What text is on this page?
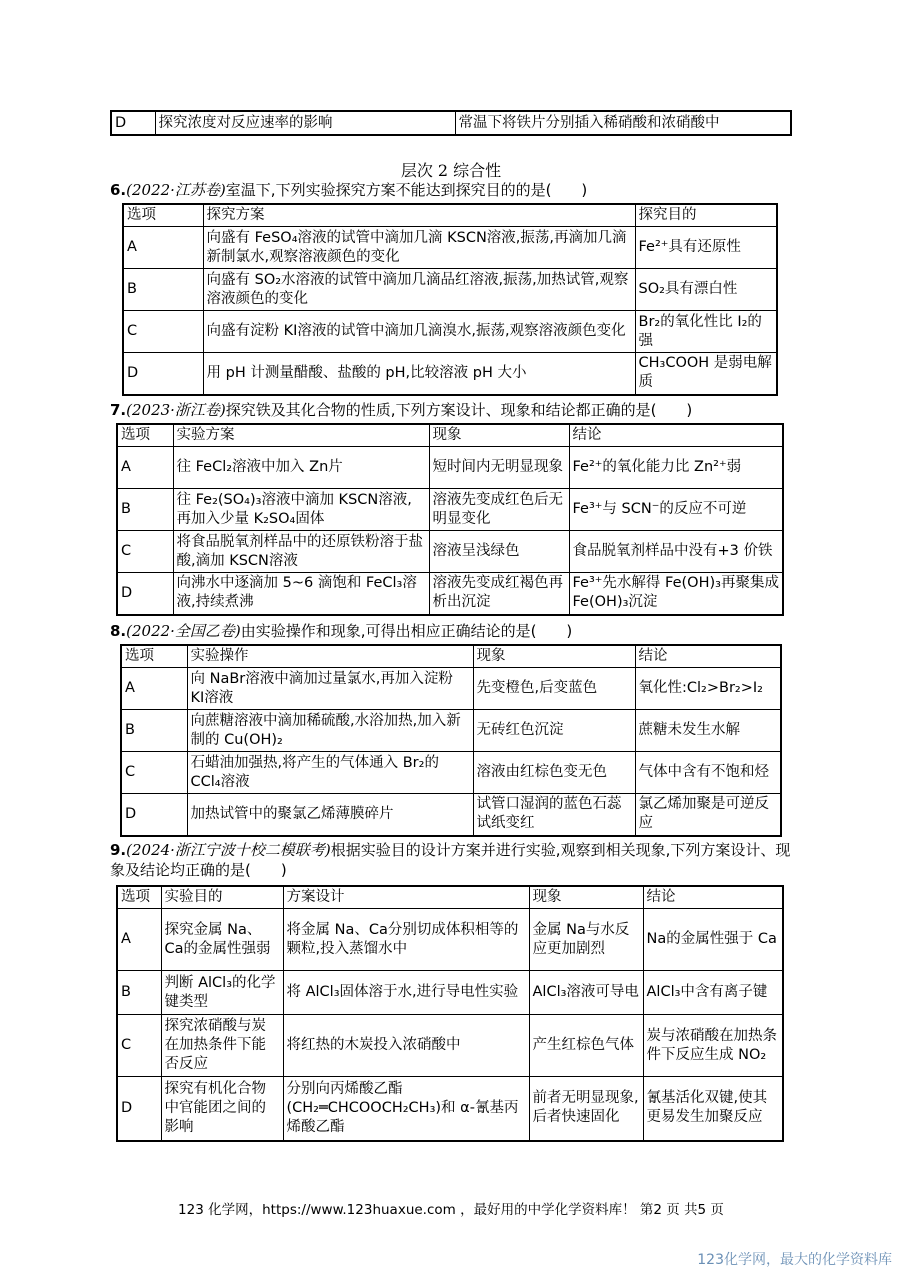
D	探究浓度对反应速率的影响	常温下将铁片分别插入稀硝酸和浓硝酸中
层次 2 综合性
6.(2022·江苏卷)室温下,下列实验探究方案不能达到探究目的的是(　　)
选项	探究方案	探究目的
A	向盛有 FeSO₄溶液的试管中滴加几滴 KSCN溶液,振荡,再滴加几滴新制氯水,观察溶液颜色的变化	Fe²⁺具有还原性
B	向盛有 SO₂水溶液的试管中滴加几滴品红溶液,振荡,加热试管,观察溶液颜色的变化	SO₂具有漂白性
C	向盛有淀粉 KI溶液的试管中滴加几滴溴水,振荡,观察溶液颜色变化	Br₂的氧化性比 I₂的强
D	用 pH 计测量醋酸、盐酸的 pH,比较溶液 pH 大小	CH₃COOH 是弱电解质
7.(2023·浙江卷)探究铁及其化合物的性质,下列方案设计、现象和结论都正确的是(　　)
选项	实验方案	现象	结论
A	往 FeCl₂溶液中加入 Zn片	短时间内无明显现象	Fe²⁺的氧化能力比 Zn²⁺弱
B	往 Fe₂(SO₄)₃溶液中滴加 KSCN溶液,再加入少量 K₂SO₄固体	溶液先变成红色后无明显变化	Fe³⁺与 SCN⁻的反应不可逆
C	将食品脱氧剂样品中的还原铁粉溶于盐酸,滴加 KSCN溶液	溶液呈浅绿色	食品脱氧剂样品中没有+3 价铁
D	向沸水中逐滴加 5~6 滴饱和 FeCl₃溶液,持续煮沸	溶液先变成红褐色再析出沉淀	Fe³⁺先水解得 Fe(OH)₃再聚集成 Fe(OH)₃沉淀
8.(2022·全国乙卷)由实验操作和现象,可得出相应正确结论的是(　　)
选项	实验操作	现象	结论
A	向 NaBr溶液中滴加过量氯水,再加入淀粉 KI溶液	先变橙色,后变蓝色	氧化性:Cl₂>Br₂>I₂
B	向蔗糖溶液中滴加稀硫酸,水浴加热,加入新制的 Cu(OH)₂	无砖红色沉淀	蔗糖未发生水解
C	石蜡油加强热,将产生的气体通入 Br₂的 CCl₄溶液	溶液由红棕色变无色	气体中含有不饱和烃
D	加热试管中的聚氯乙烯薄膜碎片	试管口湿润的蓝色石蕊试纸变红	氯乙烯加聚是可逆反应
9.(2024·浙江宁波十校二模联考)根据实验目的设计方案并进行实验,观察到相关现象,下列方案设计、现象及结论均正确的是(　　)
选项	实验目的	方案设计	现象	结论
A	探究金属 Na、Ca的金属性强弱	将金属 Na、Ca分别切成体积相等的颗粒,投入蒸馏水中	金属 Na与水反应更加剧烈	Na的金属性强于 Ca
B	判断 AlCl₃的化学键类型	将 AlCl₃固体溶于水,进行导电性实验	AlCl₃溶液可导电	AlCl₃中含有离子键
C	探究浓硝酸与炭在加热条件下能否反应	将红热的木炭投入浓硝酸中	产生红棕色气体	炭与浓硝酸在加热条件下反应生成 NO₂
D	探究有机化合物中官能团之间的影响	分别向丙烯酸乙酯(CH₂═CHCOOCH₂CH₃)和 α-氰基丙烯酸乙酯	前者无明显现象,后者快速固化	氰基活化双键,使其更易发生加聚反应
123 化学网，https://www.123huaxue.com ，最好用的中学化学资料库！ 第2 页 共5 页
123化学网，最大的化学资料库
